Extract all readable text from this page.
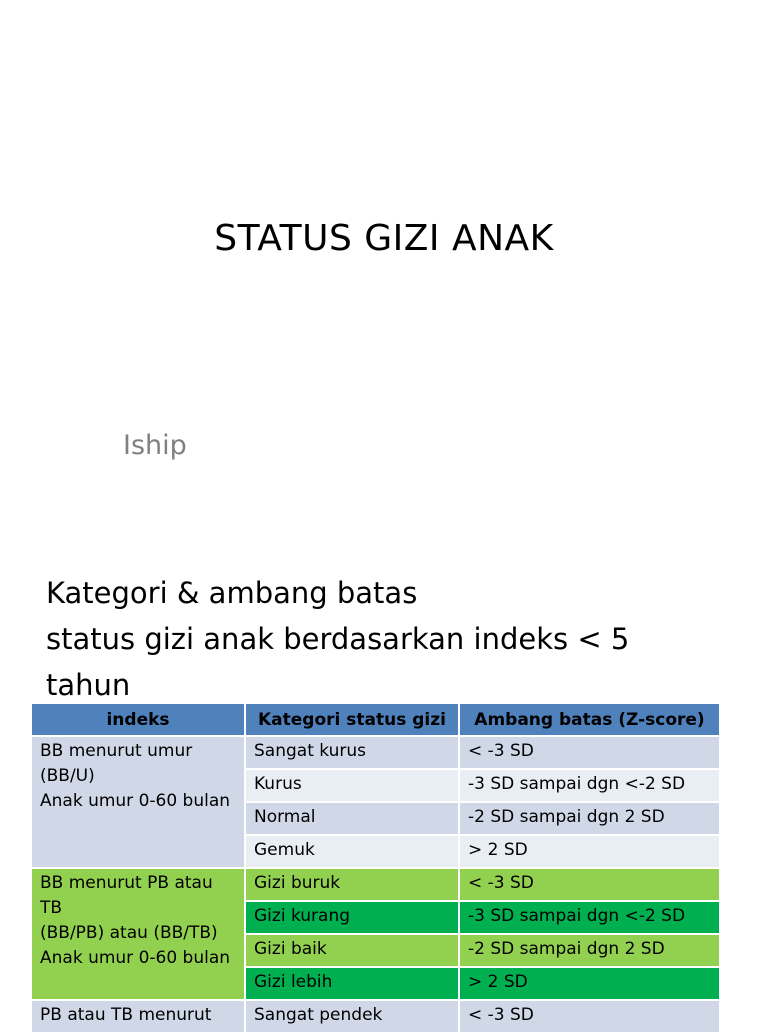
STATUS GIZI ANAK
Iship
Kategori & ambang batas
status gizi anak berdasarkan indeks < 5
tahun
indeks	Kategori status gizi	Ambang batas (Z-score)
BB menurut umur
(BB/U)
Anak umur 0-60 bulan	Sangat kurus	< -3 SD
	Kurus	-3 SD sampai dgn <-2 SD
	Normal	-2 SD sampai dgn 2 SD
	Gemuk	> 2 SD
BB menurut PB atau TB
(BB/PB) atau (BB/TB)
Anak umur 0-60 bulan	Gizi buruk	< -3 SD
	Gizi kurang	-3 SD sampai dgn <-2 SD
	Gizi baik	-2 SD sampai dgn 2 SD
	Gizi lebih	> 2 SD
PB atau TB menurut	Sangat pendek	< -3 SD
